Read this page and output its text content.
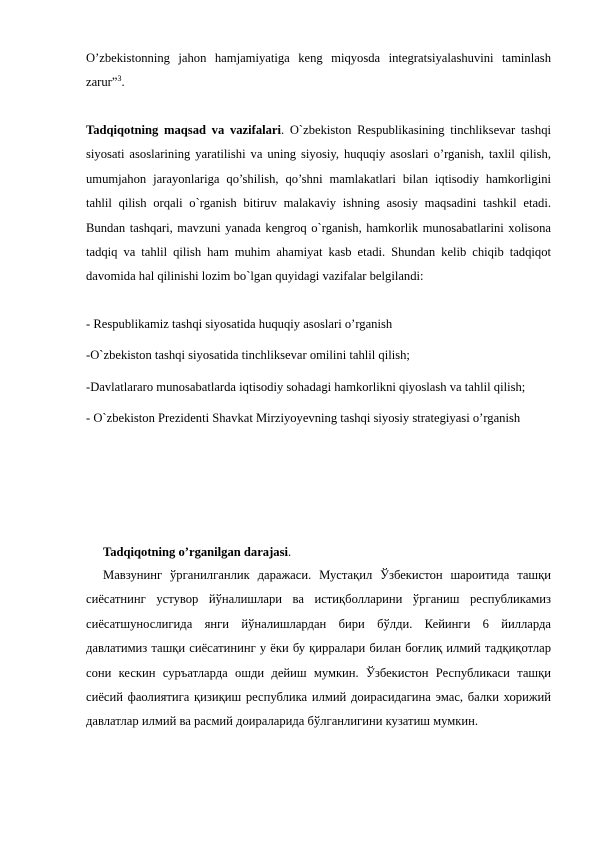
O’zbekistonning jahon hamjamiyatiga keng miqyosda integratsiyalashuvini taminlash zarur”$^3$.

Tadqiqotning maqsad va vazifalari. O`zbekiston Respublikasining tinchliksevar tashqi siyosati asoslarining yaratilishi va uning siyosiy, huquqiy asoslari o’rganish, taxlil qilish, umumjahon jarayonlariga qo’shilish, qo’shni mamlakatlari bilan iqtisodiy hamkorligini tahlil qilish orqali o`rganish bitiruv malakaviy ishning asosiy maqsadini tashkil etadi. Bundan tashqari, mavzuni yanada kengroq o`rganish, hamkorlik munosabatlarini xolisona tadqiq va tahlil qilish ham muhim ahamiyat kasb etadi. Shundan kelib chiqib tadqiqot davomida hal qilinishi lozim bo`lgan quyidagi vazifalar belgilandi:

- Respublikamiz tashqi siyosatida huquqiy asoslari o’rganish

-O`zbekiston tashqi siyosatida tinchliksevar omilini tahlil qilish;

-Davlatlararo munosabatlarda iqtisodiy sohadagi hamkorlikni qiyoslash va tahlil qilish;

- O`zbekiston Prezidenti Shavkat Mirziyoyevning tashqi siyosiy strategiyasi o’rganish

Tadqiqotning o’rganilgan darajasi.

Мавзунинг ўрганилганлик даражаси. Мустақил Ўзбекистон шароитида ташқи сиёсатнинг устувор йўналишлари ва истиқболларини ўрганиш республикамиз сиёсатшунослигида янги йўналишлардан бири бўлди. Кейинги 6 йилларда давлатимиз ташқи сиёсатининг у ёки бу қирралари билан боғлиқ илмий тадқиқотлар сони кескин суръатларда ошди дейиш мумкин. Ўзбекистон Республикаси ташқи сиёсий фаолиятига қизиқиш республика илмий доирасидагина эмас, балки хорижий давлатлар илмий ва расмий доираларида бўлганлигини кузатиш мумкин.
